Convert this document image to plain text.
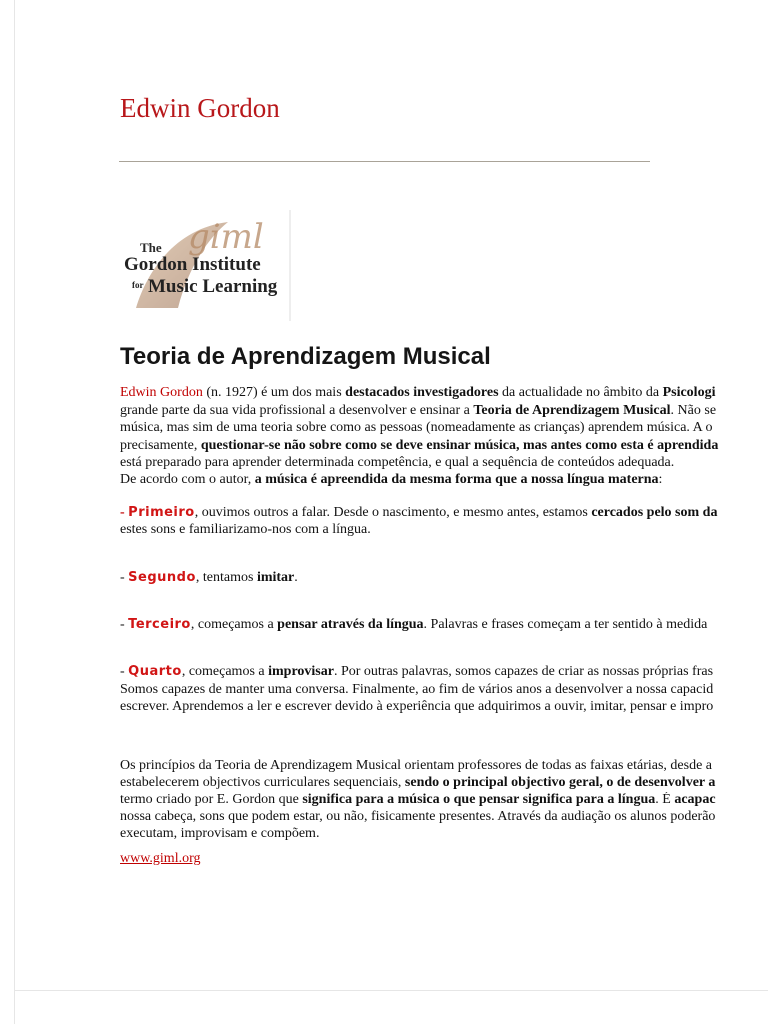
Edwin Gordon
giml
The
Gordon Institute
for Music Learning
Teoria de Aprendizagem Musical
Edwin Gordon (n. 1927) é um dos mais destacados investigadores da actualidade no âmbito da Psicologi
grande parte da sua vida profissional a desenvolver e ensinar a Teoria de Aprendizagem Musical. Não se
música, mas sim de uma teoria sobre como as pessoas (nomeadamente as crianças) aprendem música. A o
precisamente, questionar-se não sobre como se deve ensinar música, mas antes como esta é aprendida
está preparado para aprender determinada competência, e qual a sequência de conteúdos adequada.
De acordo com o autor, a música é apreendida da mesma forma que a nossa língua materna:
- Primeiro, ouvimos outros a falar. Desde o nascimento, e mesmo antes, estamos cercados pelo som da
estes sons e familiarizamo-nos com a língua.
- Segundo, tentamos imitar.
- Terceiro, começamos a pensar através da língua. Palavras e frases começam a ter sentido à medida
- Quarto, começamos a improvisar. Por outras palavras, somos capazes de criar as nossas próprias fras
Somos capazes de manter uma conversa. Finalmente, ao fim de vários anos a desenvolver a nossa capacid
escrever. Aprendemos a ler e escrever devido à experiência que adquirimos a ouvir, imitar, pensar e impro
Os princípios da Teoria de Aprendizagem Musical orientam professores de todas as faixas etárias, desde a
estabelecerem objectivos curriculares sequenciais, sendo o principal objectivo geral, o de desenvolver a
termo criado por E. Gordon que significa para a música o que pensar significa para a língua. É acapac
nossa cabeça, sons que podem estar, ou não, fisicamente presentes. Através da audiação os alunos poderão
executam, improvisam e compõem.
www.giml.org
